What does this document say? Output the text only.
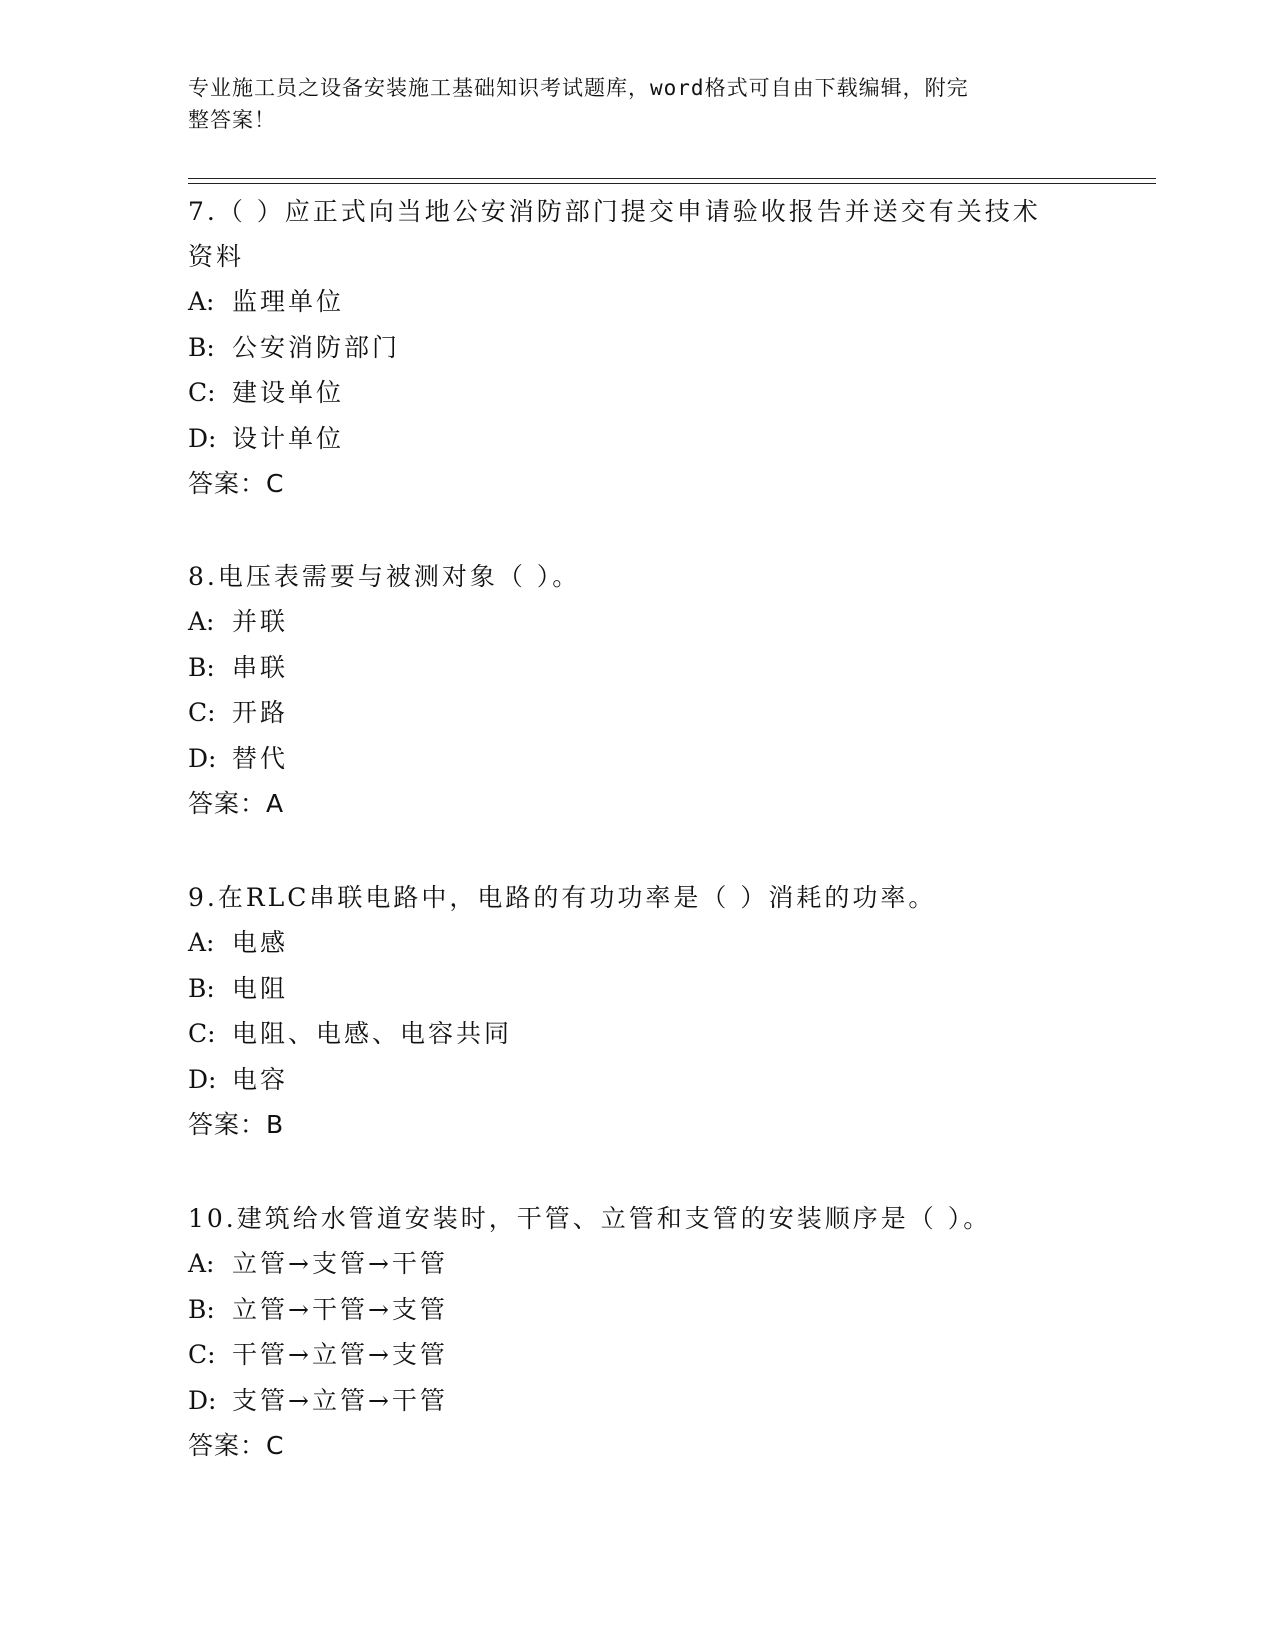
专业施工员之设备安装施工基础知识考试题库，word格式可自由下载编辑，附完
整答案！
7.（ ）应正式向当地公安消防部门提交申请验收报告并送交有关技术
资料
A: 监理单位
B: 公安消防部门
C: 建设单位
D: 设计单位
答案：C
8.电压表需要与被测对象（ ）。
A: 并联
B: 串联
C: 开路
D: 替代
答案：A
9.在RLC串联电路中，电路的有功功率是（ ）消耗的功率。
A: 电感
B: 电阻
C: 电阻、电感、电容共同
D: 电容
答案：B
10.建筑给水管道安装时，干管、立管和支管的安装顺序是（ ）。
A: 立管→支管→干管
B: 立管→干管→支管
C: 干管→立管→支管
D: 支管→立管→干管
答案：C
